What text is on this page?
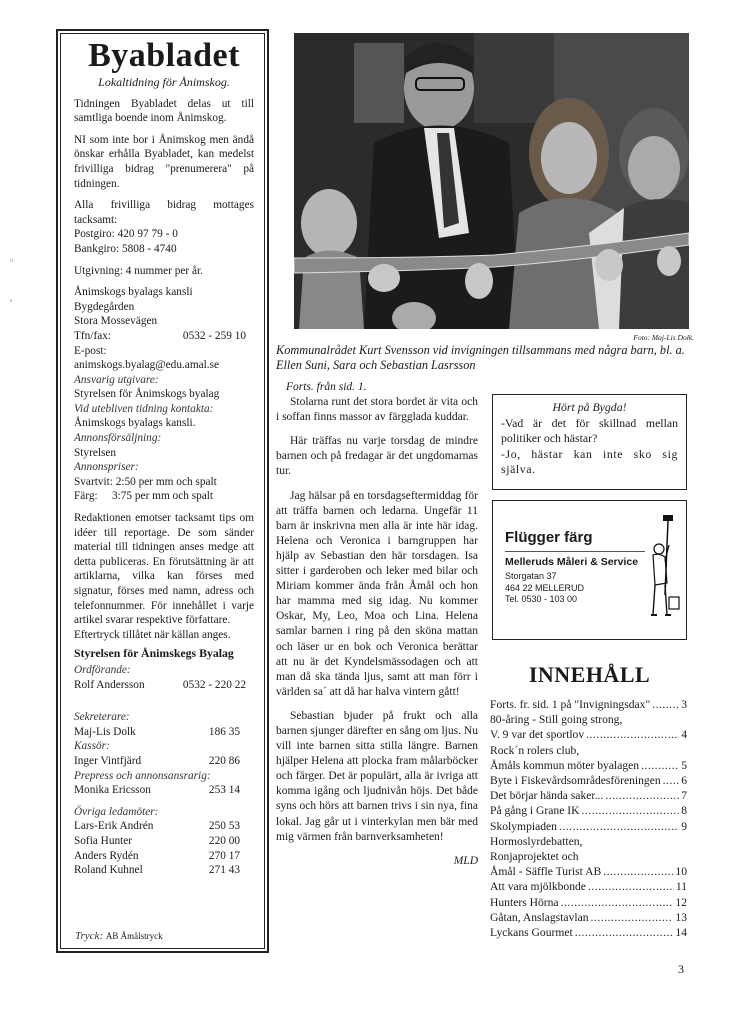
Byabladet
Lokaltidning för Ånimskog.

Tidningen Byabladet delas ut till samtliga boende inom Ånimskog.

NI som inte bor i Ånimskog men ändå önskar erhålla Byabladet, kan medelst frivilliga bidrag "prenumerera" på tidningen.

Alla frivilliga bidrag mottages tacksamt:
Postgiro: 420 97 79 - 0
Bankgiro: 5808 - 4740
Utgivning: 4 nummer per år.
Ånimskogs byalags kansli
Bygdegården
Stora Mossevägen
Tfn/fax:	0532 - 259 10
E-post:
animskogs.byalag@edu.amal.se
Ansvarig utgivare:
Styrelsen för Ånimskogs byalag
Vid utebliven tidning kontakta:
Ånimskogs byalags kansli.
Annonsförsäljning:
Styrelsen
Annonspriser:
Svartvit: 2:50 per mm och spalt
Färg: 3:75 per mm och spalt

Redaktionen emotser tacksamt tips om idéer till reportage. De som sänder material till tidningen anses medge att detta publiceras. En förutsättning är att artiklarna, vilka kan förses med signatur, förses med namn, adress och telefonnummer. För innehållet i varje artikel svarar respektive författare.

Eftertryck tillåtet när källan anges.
Styrelsen för Ånimskegs Byalag
Ordförande:
Rolf Andersson	0532 - 220 22
Sekreterare:
Maj-Lis Dolk	186 35
Kassör:
Inger Vintfjärd	220 86
Prepress och annonsansrarig:
Monika Ericsson	253 14
Övriga ledamöter:
Lars-Erik Andrén	250 53
Sofia Hunter	220 00
Anders Rydén	270 17
Roland Kuhnel	271 43
Tryck: AB Åmålstryck
Foto: Maj-Lis Dolk.
Kommunalrådet Kurt Svensson vid invigningen tillsammans med några barn, bl. a. Ellen Suni, Sara och Sebastian Lasrsson
Forts. från sid. 1.

Stolarna runt det stora bordet är vita och i soffan finns massor av färgglada kuddar.

Här träffas nu varje torsdag de mindre barnen och på fredagar är det ungdomarnas tur.

Jag hälsar på en torsdagseftermiddag för att träffa barnen och ledarna. Ungefär 11 barn är inskrivna men alla är inte här idag. Helena och Veronica i barngruppen har hjälp av Sebastian den här torsdagen. Isa sitter i garderoben och leker med bilar och Miriam kommer ända från Åmål och hon har mamma med sig idag. Nu kommer Oskar, My, Leo, Moa och Lina. Helena samlar barnen i ring på den sköna mattan och läser ur en bok och Veronica berättar att nu är det Kyndelsmässodagen och att man då ska tända ljus, samt att man förr i världen sa´ att då har halva vintern gått!

Sebastian bjuder på frukt och alla barnen sjunger därefter en sång om ljus. Nu vill inte barnen sitta stilla längre. Barnen hjälper Helena att plocka fram målarböcker och färger. Det är populärt, alla är ivriga att komma igång och ljudnivån höjs. Det både syns och hörs att barnen trivs i sin nya, fina lokal. Jag går ut i vinterkylan men bär med mig värmen från barnverksamheten!

MLD
Hört på Bygda!
-Vad är det för skillnad mellan politiker och hästar?
-Jo, hästar kan inte sko sig själva.
Flügger färg
Melleruds Måleri & Service
Storgatan 37
464 22 MELLERUD
Tel. 0530 - 103 00
INNEHÅLL
Forts. fr. sid. 1 på "Invigningsdax" .....	3
80-åring - Still going strong,
V. 9 var det sportlov .....	4
Rock´n rolers club,
Åmåls kommun möter byalagen .....	5
Byte i Fiskevårdsområdesföreningen ..... 6
Det börjar hända saker... .....	7
På gång i Grane IK .....	8
Skolympiaden .....	9
Hormoslyrdebatten,
Ronjaprojektet och
Åmål - Säffle Turist AB .....	10
Att vara mjölkbonde .....	11
Hunters Hörna .....	12
Gåtan, Anslagstavlan .....	13
Lyckans Gourmet .....	14
3
o
s
